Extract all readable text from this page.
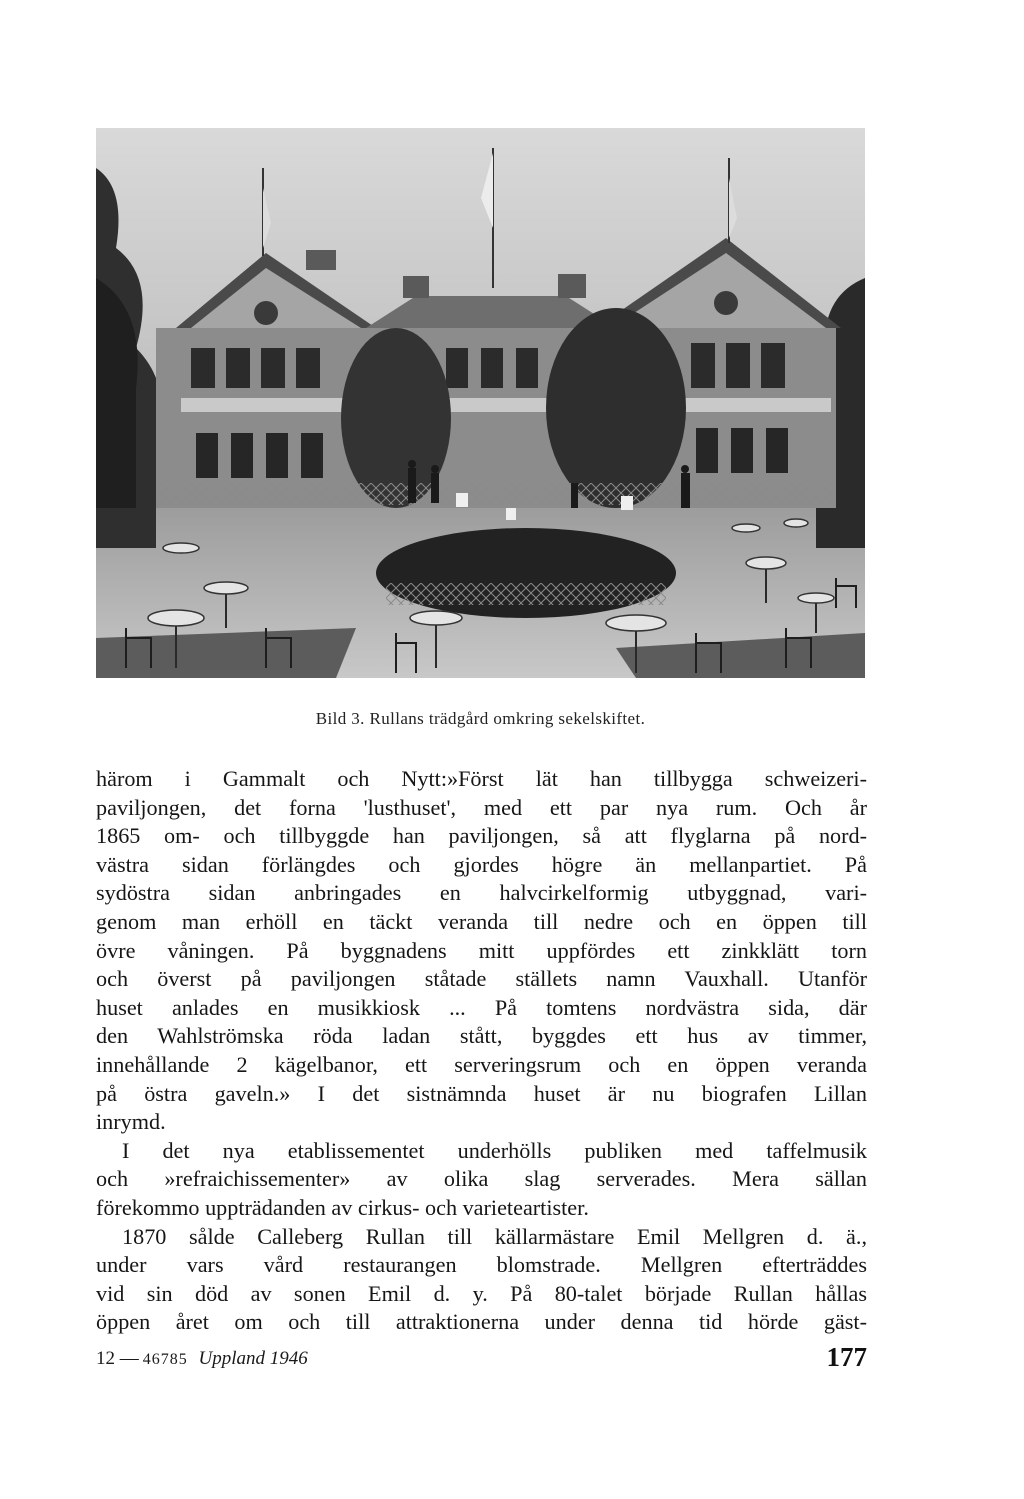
Bild 3. Rullans trädgård omkring sekelskiftet.

härom i Gammalt och Nytt:»Först lät han tillbygga schweizeri-

paviljongen, det forna 'lusthuset', med ett par nya rum. Och år

1865 om- och tillbyggde han paviljongen, så att flyglarna på nord-

västra sidan förlängdes och gjordes högre än mellanpartiet. På

sydöstra sidan anbringades en halvcirkelformig utbyggnad, vari-

genom man erhöll en täckt veranda till nedre och en öppen till

övre våningen. På byggnadens mitt uppfördes ett zinkklätt torn

och överst på paviljongen ståtade ställets namn Vauxhall. Utanför

huset anlades en musikkiosk ... På tomtens nordvästra sida, där

den Wahlströmska röda ladan stått, byggdes ett hus av timmer,

innehållande 2 kägelbanor, ett serveringsrum och en öppen veranda

på östra gaveln.» I det sistnämnda huset är nu biografen Lillan

inrymd.

I det nya etablissementet underhölls publiken med taffelmusik

och »refraichissementer» av olika slag serverades. Mera sällan

förekommo uppträdanden av cirkus- och varieteartister.

1870 sålde Calleberg Rullan till källarmästare Emil Mellgren d. ä.,

under vars vård restaurangen blomstrade. Mellgren efterträddes

vid sin död av sonen Emil d. y. På 80-talet började Rullan hållas

öppen året om och till attraktionerna under denna tid hörde gäst-

12 — 46785 Uppland 1946	177
